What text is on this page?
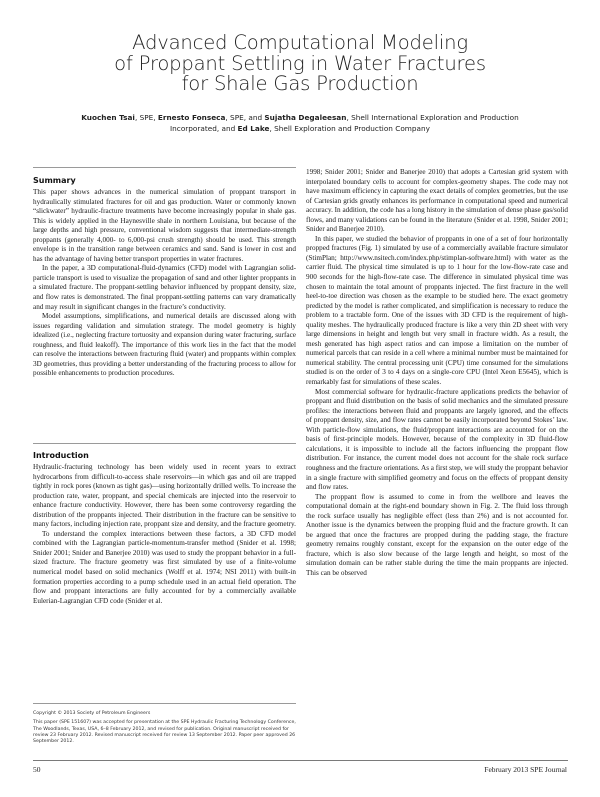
Advanced Computational Modeling
of Proppant Settling in Water Fractures
for Shale Gas Production
Kuochen Tsai, SPE, Ernesto Fonseca, SPE, and Sujatha Degaleesan, Shell International Exploration and Production
Incorporated, and Ed Lake, Shell Exploration and Production Company
Summary

This paper shows advances in the numerical simulation of proppant transport in hydraulically stimulated fractures for oil and gas production. Water or commonly known “slickwater” hydraulic-fracture treatments have become increasingly popular in shale gas. This is widely applied in the Haynesville shale in northern Louisiana, but because of the large depths and high pressure, conventional wisdom suggests that intermediate-strength proppants (generally 4,000- to 6,000-psi crush strength) should be used. This strength envelope is in the transition range between ceramics and sand. Sand is lower in cost and has the advantage of having better transport properties in water fractures.

In the paper, a 3D computational-fluid-dynamics (CFD) model with Lagrangian solid-particle transport is used to visualize the propagation of sand and other lighter proppants in a simulated fracture. The proppant-settling behavior influenced by proppant density, size, and flow rates is demonstrated. The final proppant-settling patterns can vary dramatically and may result in significant changes in the fracture’s conductivity.

Model assumptions, simplifications, and numerical details are discussed along with issues regarding validation and simulation strategy. The model geometry is highly idealized (i.e., neglecting fracture tortuosity and expansion during water fracturing, surface roughness, and fluid leakoff). The importance of this work lies in the fact that the model can resolve the interactions between fracturing fluid (water) and proppants within complex 3D geometries, thus providing a better understanding of the fracturing process to allow for possible enhancements to production procedures.

Introduction

Hydraulic-fracturing technology has been widely used in recent years to extract hydrocarbons from difficult-to-access shale reservoirs—in which gas and oil are trapped tightly in rock pores (known as tight gas)—using horizontally drilled wells. To increase the production rate, water, proppant, and special chemicals are injected into the reservoir to enhance fracture conductivity. However, there has been some controversy regarding the distribution of the proppants injected. Their distribution in the fracture can be sensitive to many factors, including injection rate, proppant size and density, and the fracture geometry.

To understand the complex interactions between these factors, a 3D CFD model combined with the Lagrangian particle-momentum-transfer method (Snider et al. 1998; Snider 2001; Snider and Banerjee 2010) was used to study the proppant behavior in a full-sized fracture. The fracture geometry was first simulated by use of a finite-volume numerical model based on solid mechanics (Wolff et al. 1974; NSI 2011) with built-in formation properties according to a pump schedule used in an actual field operation. The flow and proppant interactions are fully accounted for by a commercially available Eulerian-Lagrangian CFD code (Snider et al.

Copyright © 2013 Society of Petroleum Engineers

This paper (SPE 151607) was accepted for presentation at the SPE Hydraulic Fracturing Technology Conference, The Woodlands, Texas, USA, 6–8 February 2012, and revised for publication. Original manuscript received for review 23 February 2012. Revised manuscript received for review 13 September 2012. Paper peer approved 26 September 2012.

1998; Snider 2001; Snider and Banerjee 2010) that adopts a Cartesian grid system with interpolated boundary cells to account for complex-geometry shapes. The code may not have maximum efficiency in capturing the exact details of complex geometries, but the use of Cartesian grids greatly enhances its performance in computational speed and numerical accuracy. In addition, the code has a long history in the simulation of dense phase gas/solid flows, and many validations can be found in the literature (Snider et al. 1998, Snider 2001; Snider and Banerjee 2010).

In this paper, we studied the behavior of proppants in one of a set of four horizontally propped fractures (Fig. 1) simulated by use of a commercially available fracture simulator (StimPlan; http://www.nsitech.com/index.php/stimplan-software.html) with water as the carrier fluid. The physical time simulated is up to 1 hour for the low-flow-rate case and 900 seconds for the high-flow-rate case. The difference in simulated physical time was chosen to maintain the total amount of proppants injected. The first fracture in the well heel-to-toe direction was chosen as the example to be studied here. The exact geometry predicted by the model is rather complicated, and simplification is necessary to reduce the problem to a tractable form. One of the issues with 3D CFD is the requirement of high-quality meshes. The hydraulically produced fracture is like a very thin 2D sheet with very large dimensions in height and length but very small in fracture width. As a result, the mesh generated has high aspect ratios and can impose a limitation on the number of numerical parcels that can reside in a cell where a minimal number must be maintained for numerical stability. The central processing unit (CPU) time consumed for the simulations studied is on the order of 3 to 4 days on a single-core CPU (Intel Xeon E5645), which is remarkably fast for simulations of these scales.

Most commercial software for hydraulic-fracture applications predicts the behavior of proppant and fluid distribution on the basis of solid mechanics and the simulated pressure profiles: the interactions between fluid and proppants are largely ignored, and the effects of proppant density, size, and flow rates cannot be easily incorporated beyond Stokes’ law. With particle-flow simulations, the fluid/proppant interactions are accounted for on the basis of first-principle models. However, because of the complexity in 3D fluid-flow calculations, it is impossible to include all the factors influencing the proppant flow distribution. For instance, the current model does not account for the shale rock surface roughness and the fracture orientations. As a first step, we will study the proppant behavior in a single fracture with simplified geometry and focus on the effects of proppant density and flow rates.

The proppant flow is assumed to come in from the wellbore and leaves the computational domain at the right-end boundary shown in Fig. 2. The fluid loss through the rock surface usually has negligible effect (less than 2%) and is not accounted for. Another issue is the dynamics between the propping fluid and the fracture growth. It can be argued that once the fractures are propped during the padding stage, the fracture geometry remains roughly constant, except for the expansion on the outer edge of the fracture, which is also slow because of the large length and height, so most of the simulation domain can be rather stable during the time the main proppants are injected. This can be observed

50	February 2013 SPE Journal
